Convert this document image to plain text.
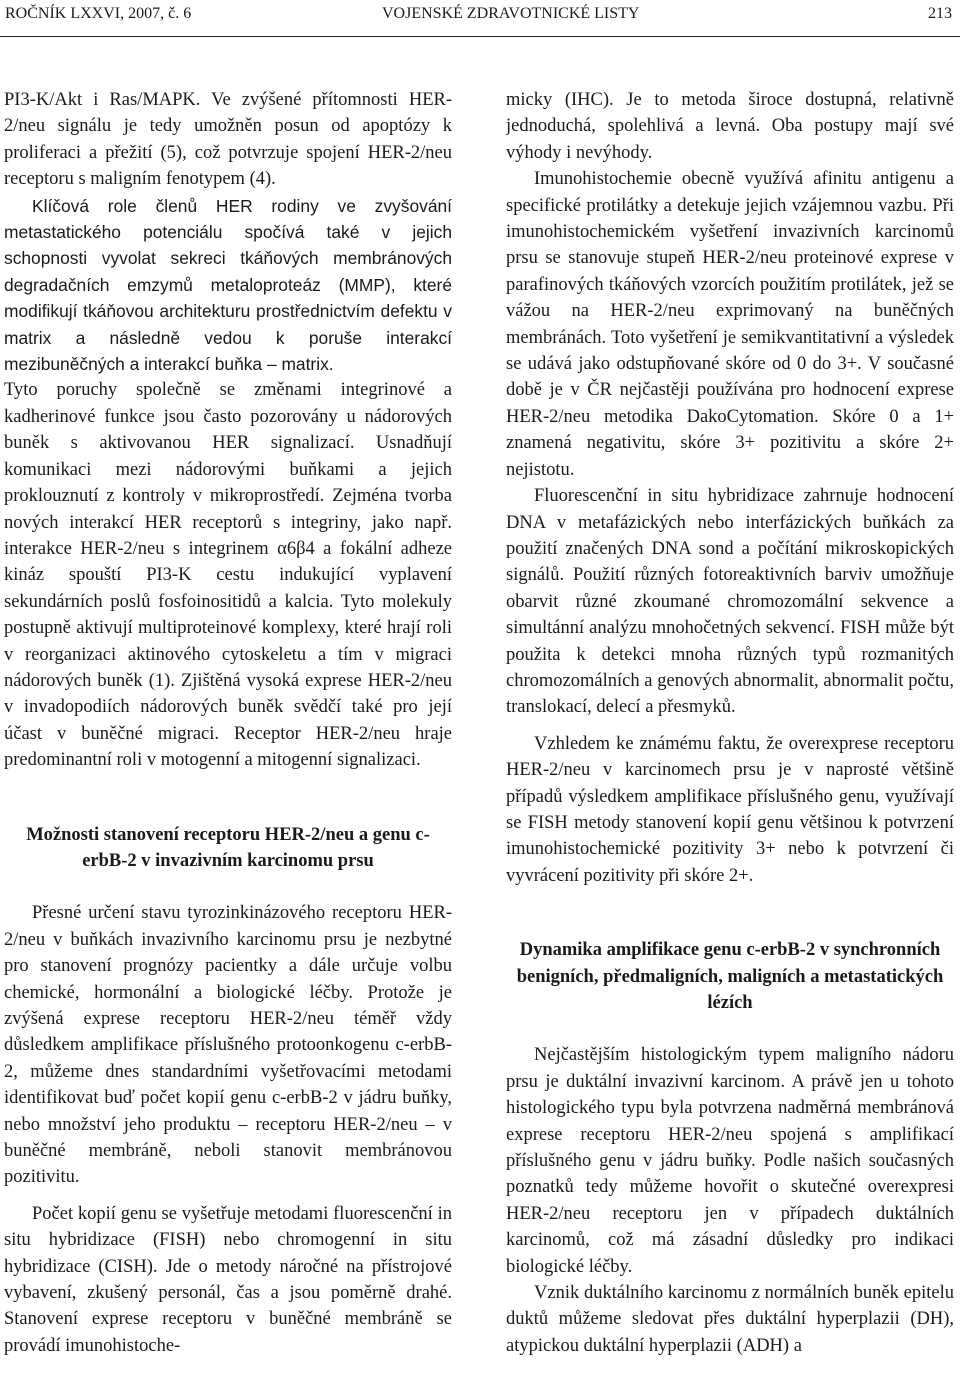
ROČNÍK LXXVI, 2007, č. 6	VOJENSKÉ ZDRAVOTNICKÉ LISTY	213

PI3-K/Akt i Ras/MAPK. Ve zvýšené přítomnosti HER-2/neu signálu je tedy umožněn posun od apoptózy k proliferaci a přežití (5), což potvrzuje spojení HER-2/neu receptoru s maligním fenotypem (4).

Klíčová role členů HER rodiny ve zvyšování metastatického potenciálu spočívá také v jejich schopnosti vyvolat sekreci tkáňových membránových degradačních emzymů metaloproteáz (MMP), které modifikují tkáňovou architekturu prostřednictvím defektu v matrix a následně vedou k poruše interakcí mezibuněčných a interakcí buňka – matrix.

Tyto poruchy společně se změnami integrinové a kadherinové funkce jsou často pozorovány u nádorových buněk s aktivovanou HER signalizací. Usnadňují komunikaci mezi nádorovými buňkami a jejich proklouznutí z kontroly v mikroprostředí. Zejména tvorba nových interakcí HER receptorů s integriny, jako např. interakce HER-2/neu s integrinem α6β4 a fokální adheze kináz spouští PI3-K cestu indukující vyplavení sekundárních poslů fosfoinositidů a kalcia. Tyto molekuly postupně aktivují multiproteinové komplexy, které hrají roli v reorganizaci aktinového cytoskeletu a tím v migraci nádorových buněk (1). Zjištěná vysoká exprese HER-2/neu v invadopodiích nádorových buněk svědčí také pro její účast v buněčné migraci. Receptor HER-2/neu hraje predominantní roli v motogenní a mitogenní signalizaci.

Možnosti stanovení receptoru HER-2/neu a genu c-erbB-2 v invazivním karcinomu prsu

Přesné určení stavu tyrozinkinázového receptoru HER-2/neu v buňkách invazivního karcinomu prsu je nezbytné pro stanovení prognózy pacientky a dále určuje volbu chemické, hormonální a biologické léčby. Protože je zvýšená exprese receptoru HER-2/neu téměř vždy důsledkem amplifikace příslušného protoonkogenu c-erbB-2, můžeme dnes standardními vyšetřovacími metodami identifikovat buď počet kopií genu c-erbB-2 v jádru buňky, nebo množství jeho produktu – receptoru HER-2/neu – v buněčné membráně, neboli stanovit membránovou pozitivitu.

Počet kopií genu se vyšetřuje metodami fluorescenční in situ hybridizace (FISH) nebo chromogenní in situ hybridizace (CISH). Jde o metody náročné na přístrojové vybavení, zkušený personál, čas a jsou poměrně drahé. Stanovení exprese receptoru v buněčné membráně se provádí imunohistoche-

micky (IHC). Je to metoda široce dostupná, relativně jednoduchá, spolehlivá a levná. Oba postupy mají své výhody i nevýhody.

Imunohistochemie obecně využívá afinitu antigenu a specifické protilátky a detekuje jejich vzájemnou vazbu. Při imunohistochemickém vyšetření invazivních karcinomů prsu se stanovuje stupeň HER-2/neu proteinové exprese v parafinových tkáňových vzorcích použitím protilátek, jež se vážou na HER-2/neu exprimovaný na buněčných membránách. Toto vyšetření je semikvantitativní a výsledek se udává jako odstupňované skóre od 0 do 3+. V současné době je v ČR nejčastěji používána pro hodnocení exprese HER-2/neu metodika DakoCytomation. Skóre 0 a 1+ znamená negativitu, skóre 3+ pozitivitu a skóre 2+ nejistotu.

Fluorescenční in situ hybridizace zahrnuje hodnocení DNA v metafázických nebo interfázických buňkách za použití značených DNA sond a počítání mikroskopických signálů. Použití různých fotoreaktivních barviv umožňuje obarvit různé zkoumané chromozomální sekvence a simultánní analýzu mnohočetných sekvencí. FISH může být použita k detekci mnoha různých typů rozmanitých chromozomálních a genových abnormalit, abnormalit počtu, translokací, delecí a přesmyků.

Vzhledem ke známému faktu, že overexprese receptoru HER-2/neu v karcinomech prsu je v naprosté většině případů výsledkem amplifikace příslušného genu, využívají se FISH metody stanovení kopií genu většinou k potvrzení imunohistochemické pozitivity 3+ nebo k potvrzení či vyvrácení pozitivity při skóre 2+.

Dynamika amplifikace genu c-erbB-2 v synchronních benigních, předmaligních, maligních a metastatických lézích

Nejčastějším histologickým typem maligního nádoru prsu je duktální invazivní karcinom. A právě jen u tohoto histologického typu byla potvrzena nadměrná membránová exprese receptoru HER-2/neu spojená s amplifikací příslušného genu v jádru buňky. Podle našich současných poznatků tedy můžeme hovořit o skutečné overexpresi HER-2/neu receptoru jen v případech duktálních karcinomů, což má zásadní důsledky pro indikaci biologické léčby.

Vznik duktálního karcinomu z normálních buněk epitelu duktů můžeme sledovat přes duktální hyperplazii (DH), atypickou duktální hyperplazii (ADH) a
